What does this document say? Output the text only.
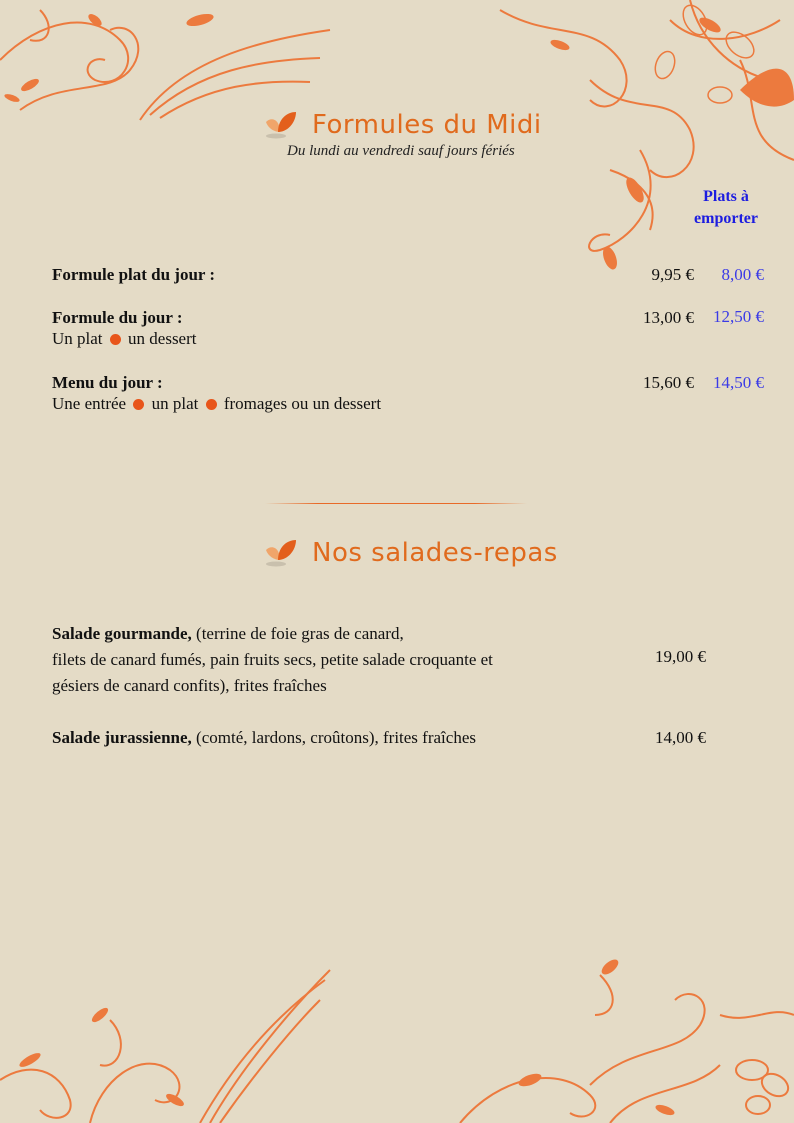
Formules du Midi
Du lundi au vendredi sauf jours fériés
Plats à emporter
Formule plat du jour :	9,95 €	8,00 €
Formule du jour :
Un plat un dessert
13,00 €	12,50 €
Menu du jour :
Une entrée un plat fromages ou un dessert
15,60 €	14,50 €
Nos salades-repas
Salade gourmande, (terrine de foie gras de canard,
filets de canard fumés, pain fruits secs, petite salade croquante et
gésiers de canard confits), frites fraîches
19,00 €
Salade jurassienne, (comté, lardons, croûtons), frites fraîches	14,00 €
